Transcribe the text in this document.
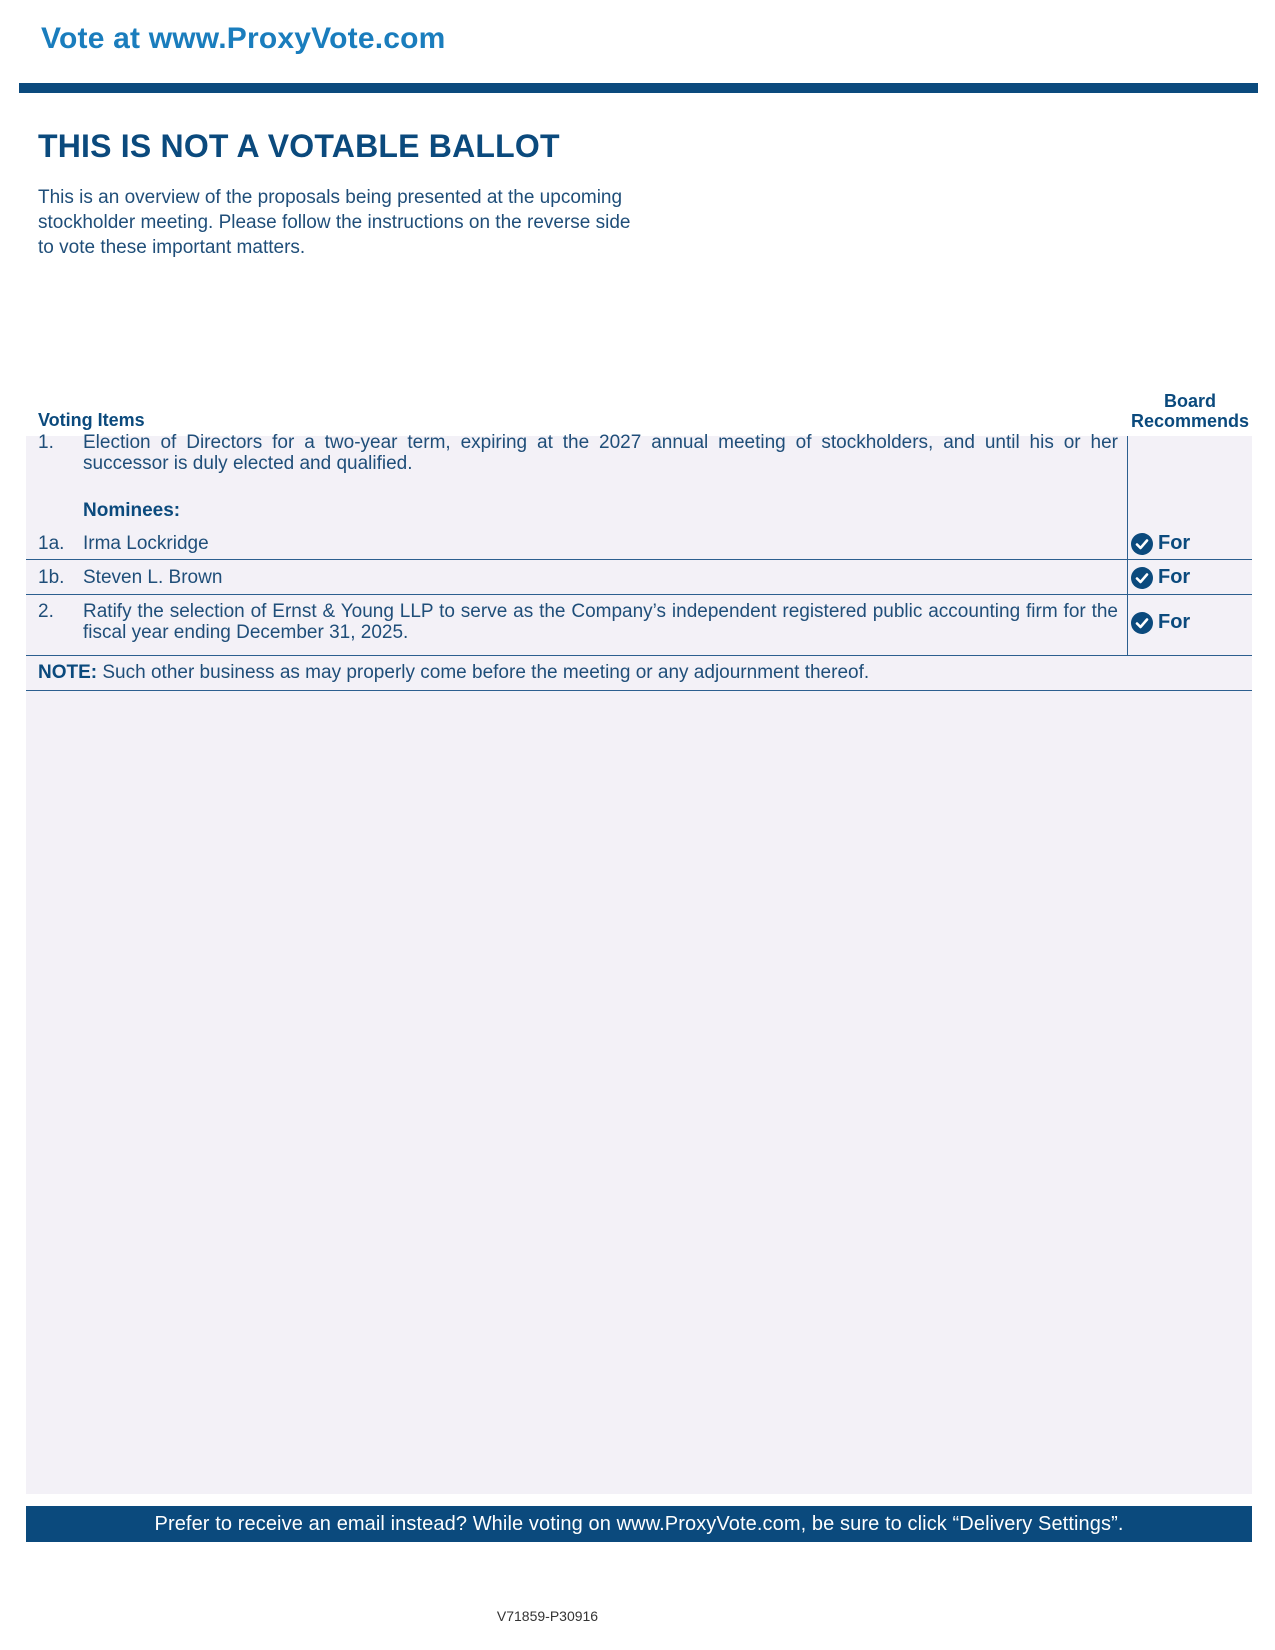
Vote at www.ProxyVote.com
THIS IS NOT A VOTABLE BALLOT
This is an overview of the proposals being presented at the upcoming stockholder meeting. Please follow the instructions on the reverse side to vote these important matters.
Voting Items
Board
Recommends
1. Election of Directors for a two-year term, expiring at the 2027 annual meeting of stockholders, and until his or her successor is duly elected and qualified.
Nominees:
1a. Irma Lockridge	For
1b. Steven L. Brown	For
2. Ratify the selection of Ernst & Young LLP to serve as the Company’s independent registered public accounting firm for the fiscal year ending December 31, 2025.	For
NOTE: Such other business as may properly come before the meeting or any adjournment thereof.
Prefer to receive an email instead? While voting on www.ProxyVote.com, be sure to click “Delivery Settings”.
V71859-P30916
